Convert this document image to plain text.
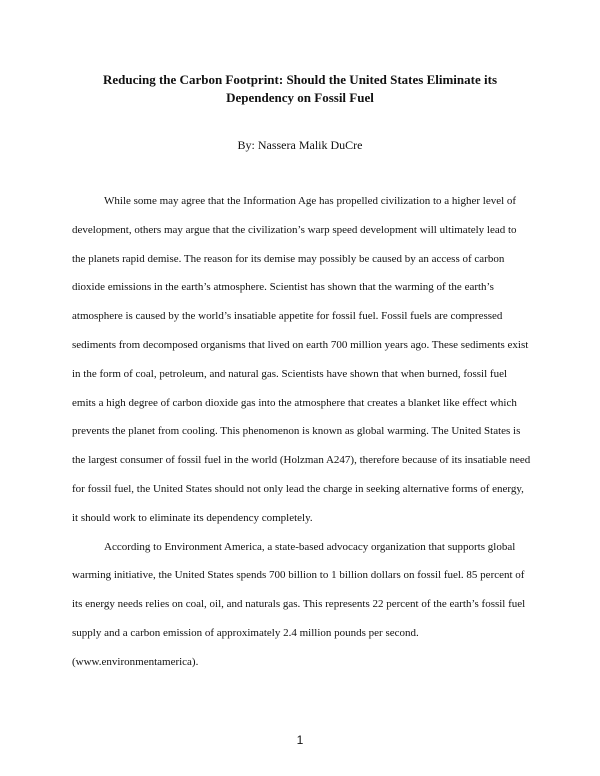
Reducing the Carbon Footprint: Should the United States Eliminate its Dependency on Fossil Fuel
By: Nassera Malik DuCre

While some may agree that the Information Age has propelled civilization to a higher level of development, others may argue that the civilization’s warp speed development will ultimately lead to the planets rapid demise. The reason for its demise may possibly be caused by an access of carbon dioxide emissions in the earth’s atmosphere. Scientist has shown that the warming of the earth’s atmosphere is caused by the world’s insatiable appetite for fossil fuel. Fossil fuels are compressed sediments from decomposed organisms that lived on earth 700 million years ago. These sediments exist in the form of coal, petroleum, and natural gas. Scientists have shown that when burned, fossil fuel emits a high degree of carbon dioxide gas into the atmosphere that creates a blanket like effect which prevents the planet from cooling. This phenomenon is known as global warming. The United States is the largest consumer of fossil fuel in the world (Holzman A247), therefore because of its insatiable need for fossil fuel, the United States should not only lead the charge in seeking alternative forms of energy, it should work to eliminate its dependency completely.

According to Environment America, a state-based advocacy organization that supports global warming initiative, the United States spends 700 billion to 1 billion dollars on fossil fuel. 85 percent of its energy needs relies on coal, oil, and naturals gas. This represents 22 percent of the earth’s fossil fuel supply and a carbon emission of approximately 2.4 million pounds per second. (www.environmentamerica).

1
